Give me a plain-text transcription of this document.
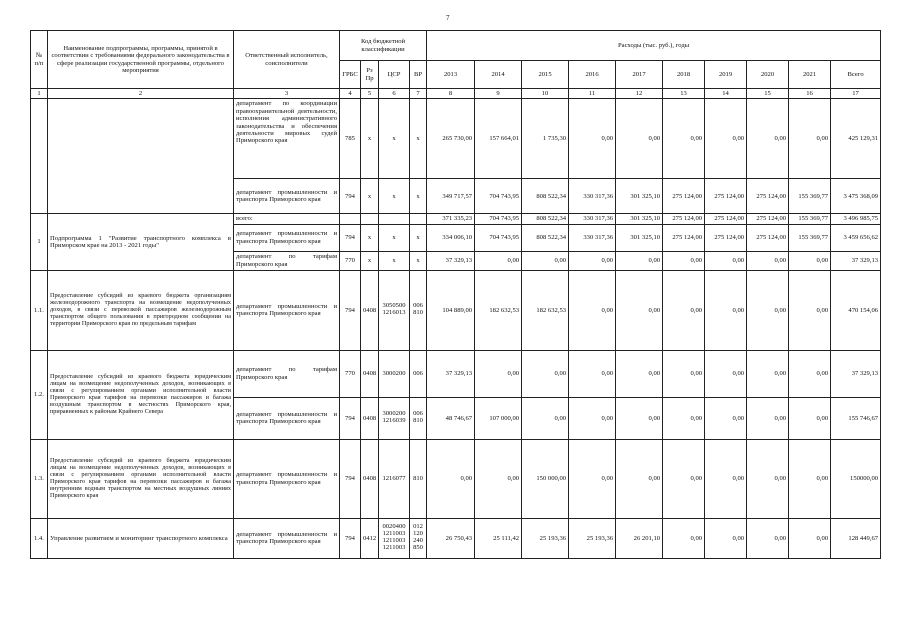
7
№ п/п	Наименование подпрограммы, программы, принятой в соответствии с требованиями федерального законодательства в сфере реализации государственной программы, отдельного мероприятия	Ответственный исполнитель, соисполнители	Код бюджетной классификации				Расходы (тыс. руб.), годы									
			ГРБС	Рз Пр	ЦСР	ВР	2013	2014	2015	2016	2017	2018	2019	2020	2021	Всего
1	2	3	4	5	6	7	8	9	10	11	12	13	14	15	16	17
		департамент по координации правоохранительной деятельности, исполнения административного законодательства и обеспечения деятельности мировых судей Приморского края	785	x	x	x	265 730,00	157 664,01	1 735,30	0,00	0,00	0,00	0,00	0,00	0,00	425 129,31
		департамент промышленности и транспорта Приморского края	794	x	x	x	349 717,57	704 743,95	808 522,34	330 317,36	301 325,10	275 124,00	275 124,00	275 124,00	155 369,77	3 475 368,09
1	Подпрограмма 1 "Развитие транспортного комплекса в Приморском крае на 2013 - 2021 годы"	всего:					371 335,23	704 743,95	808 522,34	330 317,36	301 325,10	275 124,00	275 124,00	275 124,00	155 369,77	3 496 985,75
		департамент промышленности и транспорта Приморского края	794	x	x	x	334 006,10	704 743,95	808 522,34	330 317,36	301 325,10	275 124,00	275 124,00	275 124,00	155 369,77	3 459 656,62
		департамент по тарифам Приморского края	770	x	x	x	37 329,13	0,00	0,00	0,00	0,00	0,00	0,00	0,00	0,00	37 329,13
1.1.	Предоставление субсидий из краевого бюджета организациям железнодорожного транспорта на возмещение недополученных доходов, в связи с перевозкой пассажиров железнодорожным транспортом общего пользования в пригородном сообщении на территории Приморского края по предельным тарифам	департамент промышленности и транспорта Приморского края	794	0408	3050500 1216013	006 810	104 889,00	182 632,53	182 632,53	0,00	0,00	0,00	0,00	0,00	0,00	470 154,06
1.2.	Предоставление субсидий из краевого бюджета юридическим лицам на возмещение недополученных доходов, возникающих в связи с регулированием органами исполнительной власти Приморского края тарифов на перевозки пассажиров и багажа воздушным транспортом в местностях Приморского края, приравненных к районам Крайнего Севера	департамент по тарифам Приморского края	770	0408	3000200	006	37 329,13	0,00	0,00	0,00	0,00	0,00	0,00	0,00	0,00	37 329,13
		департамент промышленности и транспорта Приморского края	794	0408	3000200 1216039	006 810	48 746,67	107 000,00	0,00	0,00	0,00	0,00	0,00	0,00	0,00	155 746,67
1.3.	Предоставление субсидий из краевого бюджета юридическим лицам на возмещение недополученных доходов, возникающих в связи с регулированием органами исполнительной власти Приморского края тарифов на перевозки пассажиров и багажа внутренним водным транспортом на местных воздушных линиях Приморского края	департамент промышленности и транспорта Приморского края	794	0408	1216077	810	0,00	0,00	150 000,00	0,00	0,00	0,00	0,00	0,00	0,00	150000,00
1.4.	Управление развитием и мониторинг транспортного комплекса	департамент промышленности и транспорта Приморского края	794	0412	0020400 1211003 1211003 1211003	012 120 240 850	26 750,43	25 111,42	25 193,36	25 193,36	26 201,10	0,00	0,00	0,00	0,00	128 449,67
